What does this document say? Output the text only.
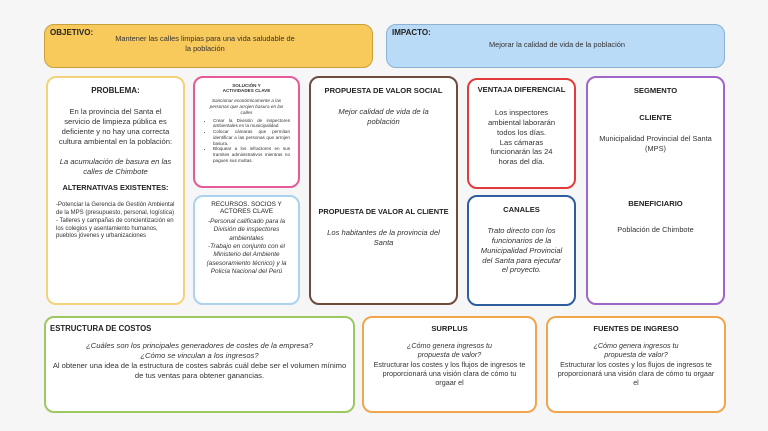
OBJETIVO:
Mantener las calles limpias para una vida saludable de la población
IMPACTO:
Mejorar la calidad de vida de la población
PROBLEMA:
En la provincia del Santa el servicio de limpieza pública es deficiente y no hay una correcta cultura ambiental en la población:
La acumulación de basura en las calles de Chimbote
ALTERNATIVAS EXISTENTES:
-Potenciar la Gerencia de Gestión Ambiental de la MPS (presupuesto, personal, logística)
- Talleres y campañas de concientización en los colegios y asentamiento humanos, pueblos jóvenes y urbanizaciones
SOLUCIÓN Y ACTIVIDADES CLAVE
Sancionar económicamente a las personas que arrojen basura en las calles
• Crear la División de inspectores ambientales en la municipalidad
• Colocar cámaras que permitan identificar a las personas que arrojen basura.
• Bloquear a los infractores en sus tramites administrativos mientras no paguen sus multas.
RECURSOS. SOCIOS Y ACTORES CLAVE
-Personal calificado para la División de inspectores ambientales
-Trabajo en conjunto con el Ministerio del Ambiente (asesoramiento técnico) y la Policía Nacional del Perú
PROPUESTA DE VALOR SOCIAL
Mejor calidad de vida de la población
PROPUESTA DE VALOR AL CLIENTE
Los habitantes de la provincia del Santa
VENTAJA DIFERENCIAL
Los inspectores ambiental laborarán todos los días.
Las cámaras funcionarán las 24 horas del día.
CANALES
Trato directo con los funcionarios de la Municipalidad Provincial del Santa para ejecutar el proyecto.
SEGMENTO
CLIENTE
Municipalidad Provincial del Santa (MPS)
BENEFICIARIO
Población de Chimbote
ESTRUCTURA DE COSTOS
¿Cuáles son los principales generadores de costes de la empresa?
¿Cómo se vinculan a los ingresos?
Al obtener una idea de la estructura de costes sabrás cuál debe ser el volumen mínimo de tus ventas para obtener ganancias.
SURPLUS
¿Cómo genera ingresos tu propuesta de valor?
Estructurar los costes y los flujos de ingresos te proporcionará una visión clara de cómo tu orgaar el
FUENTES DE INGRESO
¿Cómo genera ingresos tu propuesta de valor?
Estructurar los costes y los flujos de ingresos te proporcionará una visión clara de cómo tu orgaar el
